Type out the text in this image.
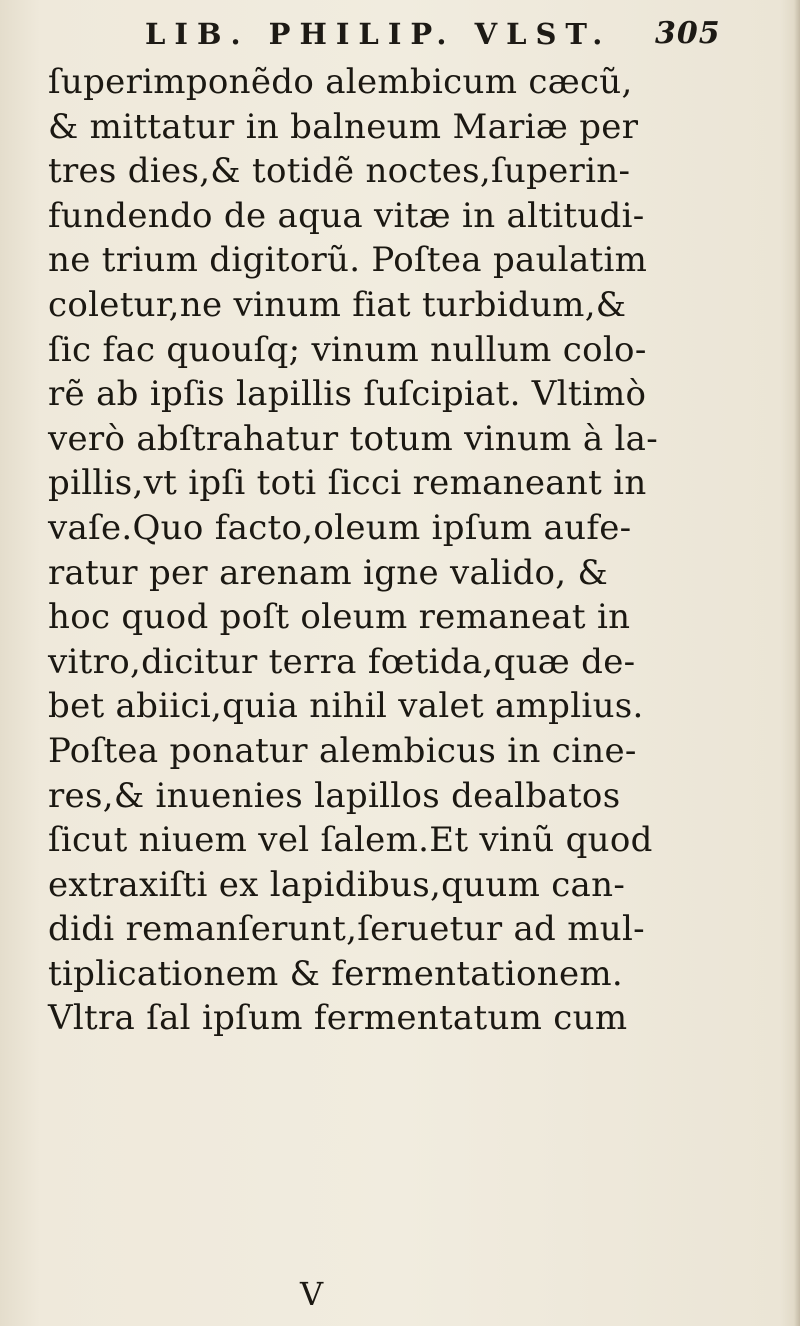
LIB. PHILIP. VLST. 305
ſuperimponẽdo alembicum cæcũ,
& mittatur in balneum Mariæ per
tres dies,& totidẽ noctes,ſuperin-
fundendo de aqua vitæ in altitudi-
ne trium digitorũ. Poſtea paulatim
coletur,ne vinum fiat turbidum,&
ſic fac quouſq; vinum nullum colo-
rẽ ab ipſis lapillis ſuſcipiat. Vltimò
verò abſtrahatur totum vinum à la-
pillis,vt ipſi toti ſicci remaneant in
vaſe.Quo facto,oleum ipſum aufe-
ratur per arenam igne valido, &
hoc quod poſt oleum remaneat in
vitro,dicitur terra fœtida,quæ de-
bet abiici,quia nihil valet amplius.
Poſtea ponatur alembicus in cine-
res,& inuenies lapillos dealbatos
ſicut niuem vel ſalem.Et vinũ quod
extraxiſti ex lapidibus,quum can-
didi remanſerunt,ſeruetur ad mul-
tiplicationem & fermentationem.
Vltra ſal ipſum fermentatum cum
V
